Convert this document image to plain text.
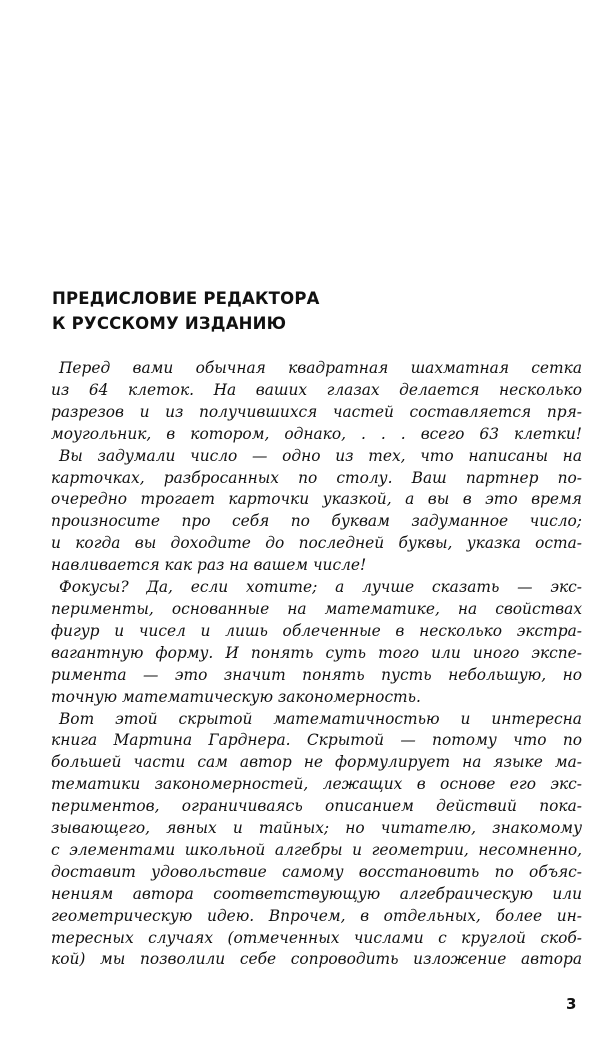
ПРЕДИСЛОВИЕ РЕДАКТОРА
К РУССКОМУ ИЗДАНИЮ
Перед вами обычная квадратная шахматная сетка
из 64 клеток. На ваших глазах делается несколько
разрезов и из получившихся частей составляется пря-
моугольник, в котором, однако, . . . всего 63 клетки!
Вы задумали число — одно из тех, что написаны на
карточках, разбросанных по столу. Ваш партнер по-
очередно трогает карточки указкой, а вы в это время
произносите про себя по буквам задуманное число;
и когда вы доходите до последней буквы, указка оста-
навливается как раз на вашем числе!
Фокусы? Да, если хотите; а лучше сказать — экс-
перименты, основанные на математике, на свойствах
фигур и чисел и лишь облеченные в несколько экстра-
вагантную форму. И понять суть того или иного экспе-
римента — это значит понять пусть небольшую, но
точную математическую закономерность.
Вот этой скрытой математичностью и интересна
книга Мартина Гарднера. Скрытой — потому что по
большей части сам автор не формулирует на языке ма-
тематики закономерностей, лежащих в основе его экс-
периментов, ограничиваясь описанием действий пока-
зывающего, явных и тайных; но читателю, знакомому
с элементами школьной алгебры и геометрии, несомненно,
доставит удовольствие самому восстановить по объяс-
нениям автора соответствующую алгебраическую или
геометрическую идею. Впрочем, в отдельных, более ин-
тересных случаях (отмеченных числами с круглой скоб-
кой) мы позволили себе сопроводить изложение автора
3
